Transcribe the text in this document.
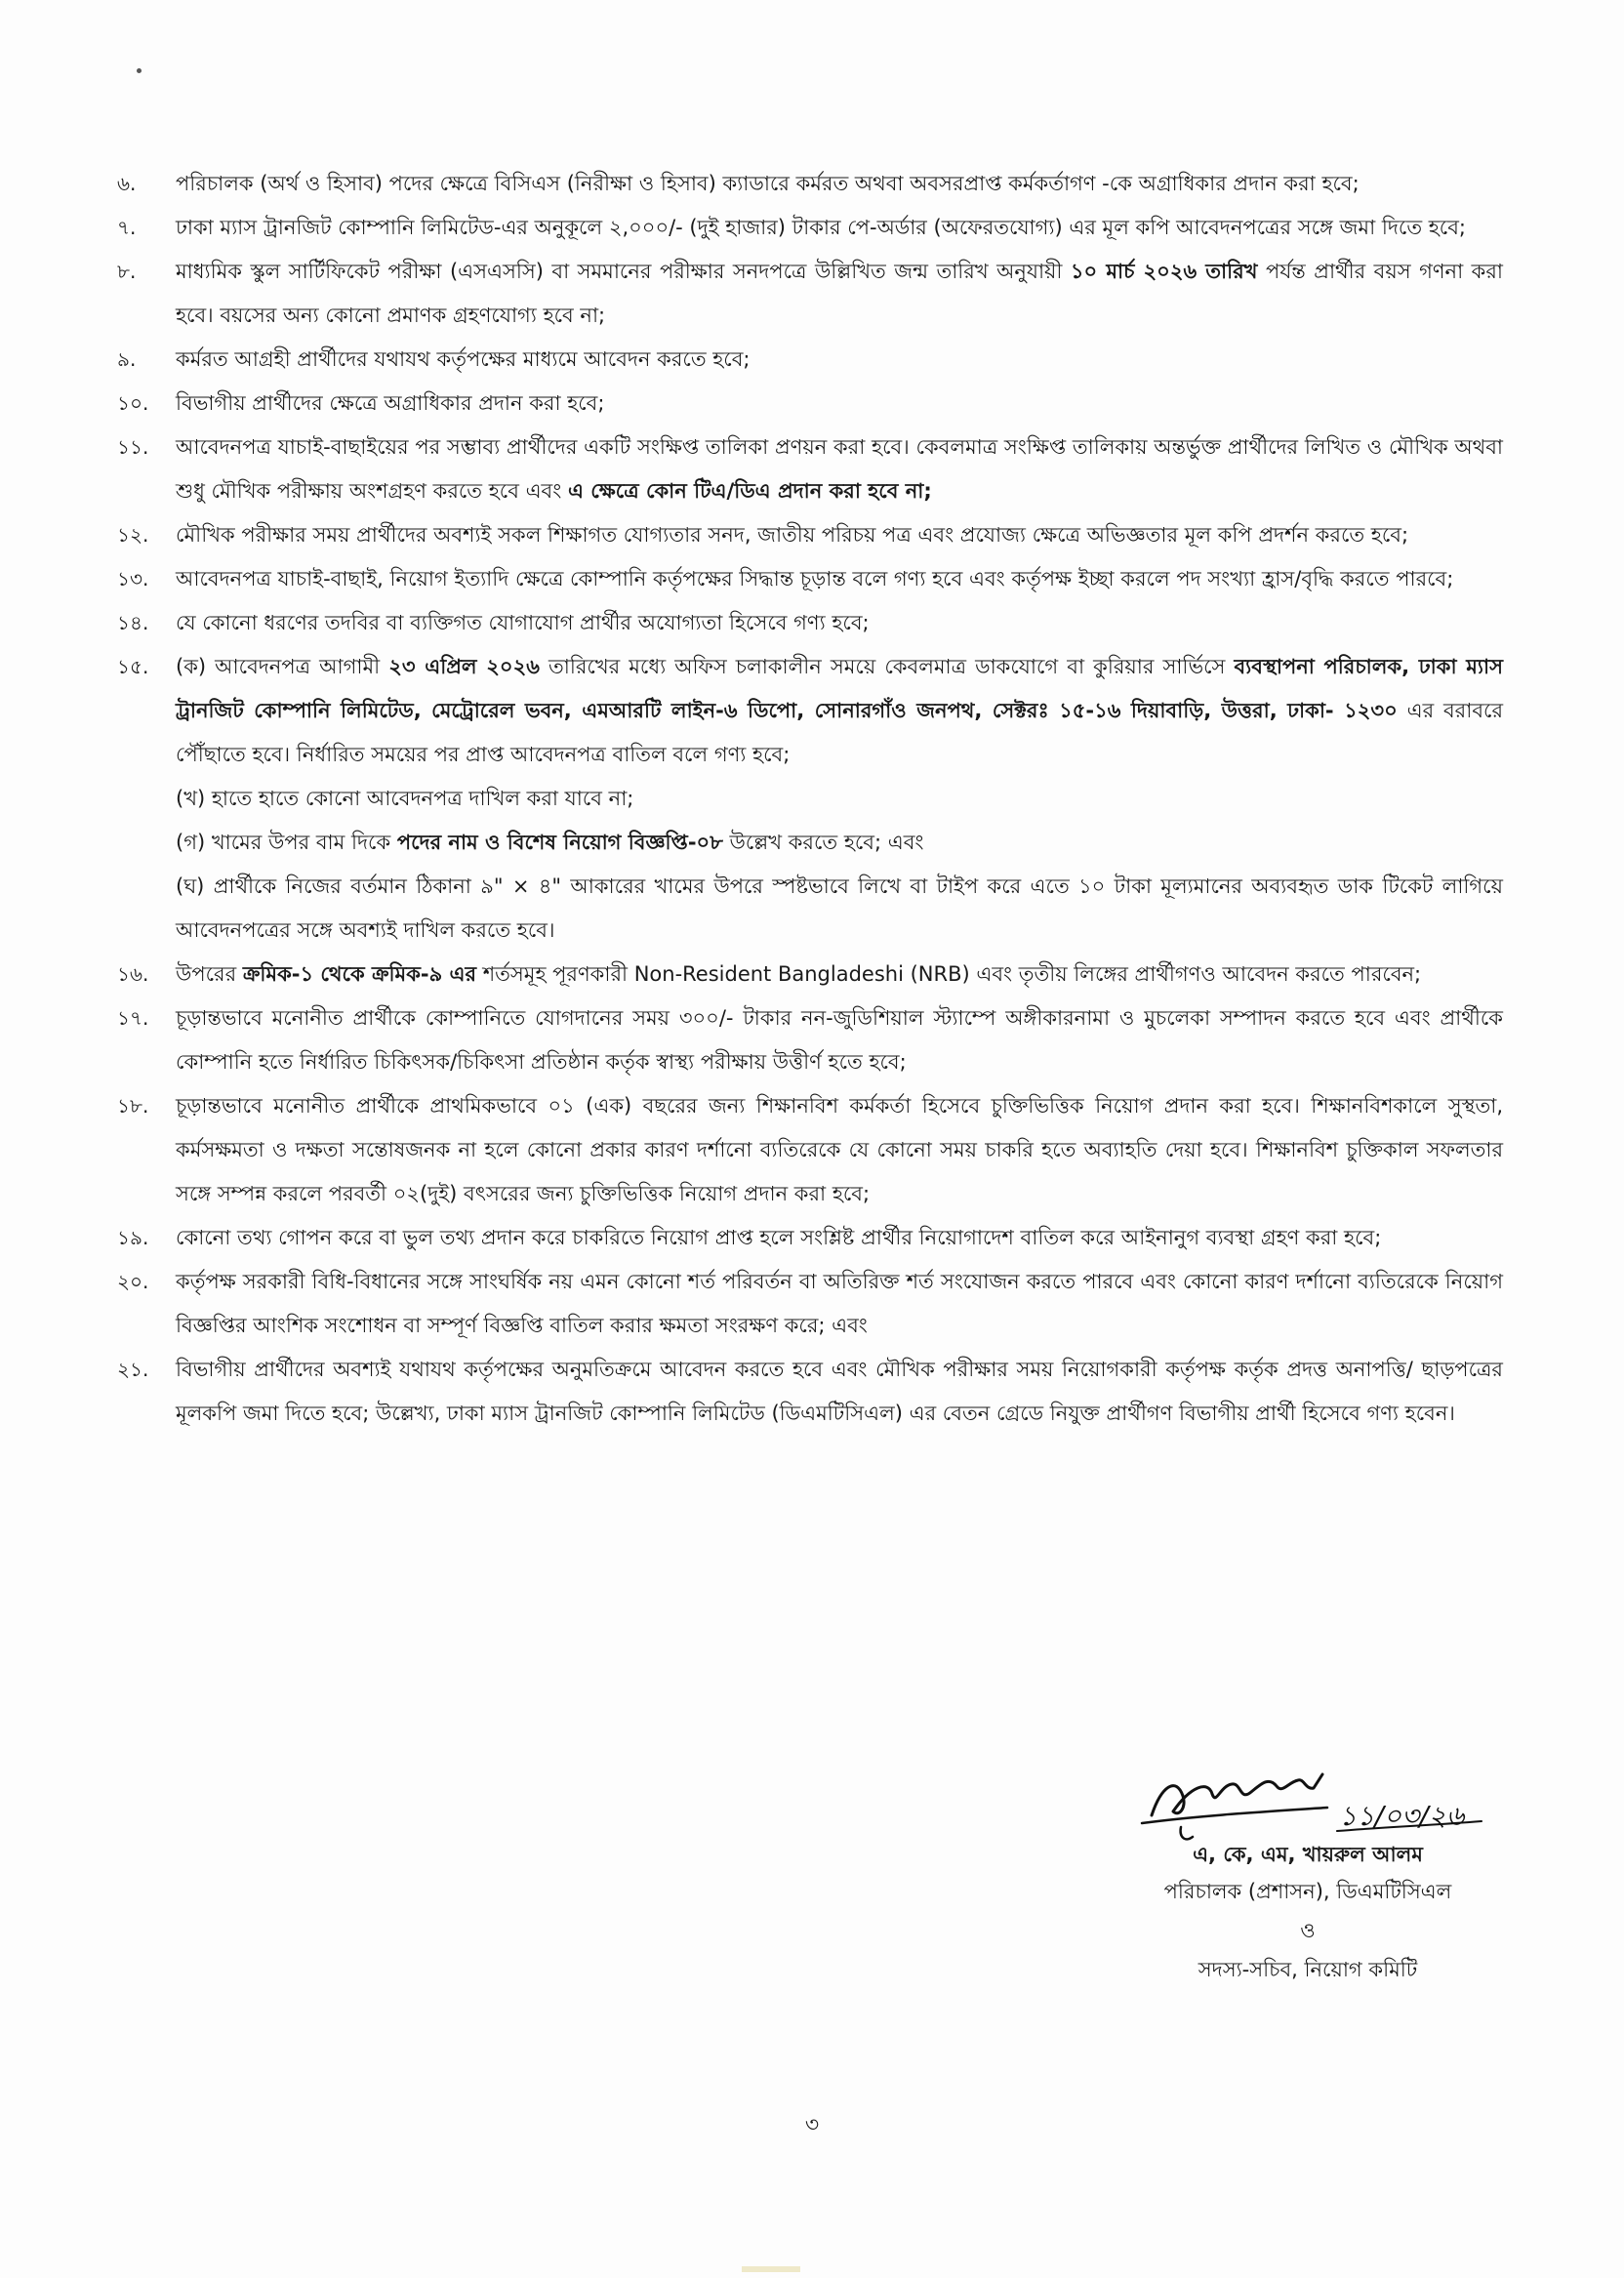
৬.	পরিচালক (অর্থ ও হিসাব) পদের ক্ষেত্রে বিসিএস (নিরীক্ষা ও হিসাব) ক্যাডারে কর্মরত অথবা অবসরপ্রাপ্ত কর্মকর্তাগণ -কে অগ্রাধিকার প্রদান করা হবে;
৭.	ঢাকা ম্যাস ট্রানজিট কোম্পানি লিমিটেড-এর অনুকূলে ২,০০০/- (দুই হাজার) টাকার পে-অর্ডার (অফেরতযোগ্য) এর মূল কপি আবেদনপত্রের সঙ্গে জমা দিতে হবে;
৮.	মাধ্যমিক স্কুল সার্টিফিকেট পরীক্ষা (এসএসসি) বা সমমানের পরীক্ষার সনদপত্রে উল্লিখিত জন্ম তারিখ অনুযায়ী ১০ মার্চ ২০২৬ তারিখ পর্যন্ত প্রার্থীর বয়স গণনা করা হবে। বয়সের অন্য কোনো প্রমাণক গ্রহণযোগ্য হবে না;
৯.	কর্মরত আগ্রহী প্রার্থীদের যথাযথ কর্তৃপক্ষের মাধ্যমে আবেদন করতে হবে;
১০.	বিভাগীয় প্রার্থীদের ক্ষেত্রে অগ্রাধিকার প্রদান করা হবে;
১১.	আবেদনপত্র যাচাই-বাছাইয়ের পর সম্ভাব্য প্রার্থীদের একটি সংক্ষিপ্ত তালিকা প্রণয়ন করা হবে। কেবলমাত্র সংক্ষিপ্ত তালিকায় অন্তর্ভুক্ত প্রার্থীদের লিখিত ও মৌখিক অথবা শুধু মৌখিক পরীক্ষায় অংশগ্রহণ করতে হবে এবং এ ক্ষেত্রে কোন টিএ/ডিএ প্রদান করা হবে না;
১২.	মৌখিক পরীক্ষার সময় প্রার্থীদের অবশ্যই সকল শিক্ষাগত যোগ্যতার সনদ, জাতীয় পরিচয় পত্র এবং প্রযোজ্য ক্ষেত্রে অভিজ্ঞতার মূল কপি প্রদর্শন করতে হবে;
১৩.	আবেদনপত্র যাচাই-বাছাই, নিয়োগ ইত্যাদি ক্ষেত্রে কোম্পানি কর্তৃপক্ষের সিদ্ধান্ত চূড়ান্ত বলে গণ্য হবে এবং কর্তৃপক্ষ ইচ্ছা করলে পদ সংখ্যা হ্রাস/বৃদ্ধি করতে পারবে;
১৪.	যে কোনো ধরণের তদবির বা ব্যক্তিগত যোগাযোগ প্রার্থীর অযোগ্যতা হিসেবে গণ্য হবে;
১৫.	(ক) আবেদনপত্র আগামী ২৩ এপ্রিল ২০২৬ তারিখের মধ্যে অফিস চলাকালীন সময়ে কেবলমাত্র ডাকযোগে বা কুরিয়ার সার্ভিসে ব্যবস্থাপনা পরিচালক, ঢাকা ম্যাস ট্রানজিট কোম্পানি লিমিটেড, মেট্রোরেল ভবন, এমআরটি লাইন-৬ ডিপো, সোনারগাঁও জনপথ, সেক্টরঃ ১৫-১৬ দিয়াবাড়ি, উত্তরা, ঢাকা- ১২৩০ এর বরাবরে পৌঁছাতে হবে। নির্ধারিত সময়ের পর প্রাপ্ত আবেদনপত্র বাতিল বলে গণ্য হবে;
(খ) হাতে হাতে কোনো আবেদনপত্র দাখিল করা যাবে না;
(গ) খামের উপর বাম দিকে পদের নাম ও বিশেষ নিয়োগ বিজ্ঞপ্তি-০৮ উল্লেখ করতে হবে; এবং
(ঘ) প্রার্থীকে নিজের বর্তমান ঠিকানা ৯" × ৪" আকারের খামের উপরে স্পষ্টভাবে লিখে বা টাইপ করে এতে ১০ টাকা মূল্যমানের অব্যবহৃত ডাক টিকেট লাগিয়ে আবেদনপত্রের সঙ্গে অবশ্যই দাখিল করতে হবে।
১৬.	উপরের ক্রমিক-১ থেকে ক্রমিক-৯ এর শর্তসমূহ পূরণকারী Non-Resident Bangladeshi (NRB) এবং তৃতীয় লিঙ্গের প্রার্থীগণও আবেদন করতে পারবেন;
১৭.	চূড়ান্তভাবে মনোনীত প্রার্থীকে কোম্পানিতে যোগদানের সময় ৩০০/- টাকার নন-জুডিশিয়াল স্ট্যাম্পে অঙ্গীকারনামা ও মুচলেকা সম্পাদন করতে হবে এবং প্রার্থীকে কোম্পানি হতে নির্ধারিত চিকিৎসক/চিকিৎসা প্রতিষ্ঠান কর্তৃক স্বাস্থ্য পরীক্ষায় উত্তীর্ণ হতে হবে;
১৮.	চূড়ান্তভাবে মনোনীত প্রার্থীকে প্রাথমিকভাবে ০১ (এক) বছরের জন্য শিক্ষানবিশ কর্মকর্তা হিসেবে চুক্তিভিত্তিক নিয়োগ প্রদান করা হবে। শিক্ষানবিশকালে সুস্থতা, কর্মসক্ষমতা ও দক্ষতা সন্তোষজনক না হলে কোনো প্রকার কারণ দর্শানো ব্যতিরেকে যে কোনো সময় চাকরি হতে অব্যাহতি দেয়া হবে। শিক্ষানবিশ চুক্তিকাল সফলতার সঙ্গে সম্পন্ন করলে পরবর্তী ০২(দুই) বৎসরের জন্য চুক্তিভিত্তিক নিয়োগ প্রদান করা হবে;
১৯.	কোনো তথ্য গোপন করে বা ভুল তথ্য প্রদান করে চাকরিতে নিয়োগ প্রাপ্ত হলে সংশ্লিষ্ট প্রার্থীর নিয়োগাদেশ বাতিল করে আইনানুগ ব্যবস্থা গ্রহণ করা হবে;
২০.	কর্তৃপক্ষ সরকারী বিধি-বিধানের সঙ্গে সাংঘর্ষিক নয় এমন কোনো শর্ত পরিবর্তন বা অতিরিক্ত শর্ত সংযোজন করতে পারবে এবং কোনো কারণ দর্শানো ব্যতিরেকে নিয়োগ বিজ্ঞপ্তির আংশিক সংশোধন বা সম্পূর্ণ বিজ্ঞপ্তি বাতিল করার ক্ষমতা সংরক্ষণ করে; এবং
২১.	বিভাগীয় প্রার্থীদের অবশ্যই যথাযথ কর্তৃপক্ষের অনুমতিক্রমে আবেদন করতে হবে এবং মৌখিক পরীক্ষার সময় নিয়োগকারী কর্তৃপক্ষ কর্তৃক প্রদত্ত অনাপত্তি/ ছাড়পত্রের মূলকপি জমা দিতে হবে; উল্লেখ্য, ঢাকা ম্যাস ট্রানজিট কোম্পানি লিমিটেড (ডিএমটিসিএল) এর বেতন গ্রেডে নিযুক্ত প্রার্থীগণ বিভাগীয় প্রার্থী হিসেবে গণ্য হবেন।
১১/০৩/২৬
এ, কে, এম, খায়রুল আলম
পরিচালক (প্রশাসন), ডিএমটিসিএল
ও
সদস্য-সচিব, নিয়োগ কমিটি
৩
